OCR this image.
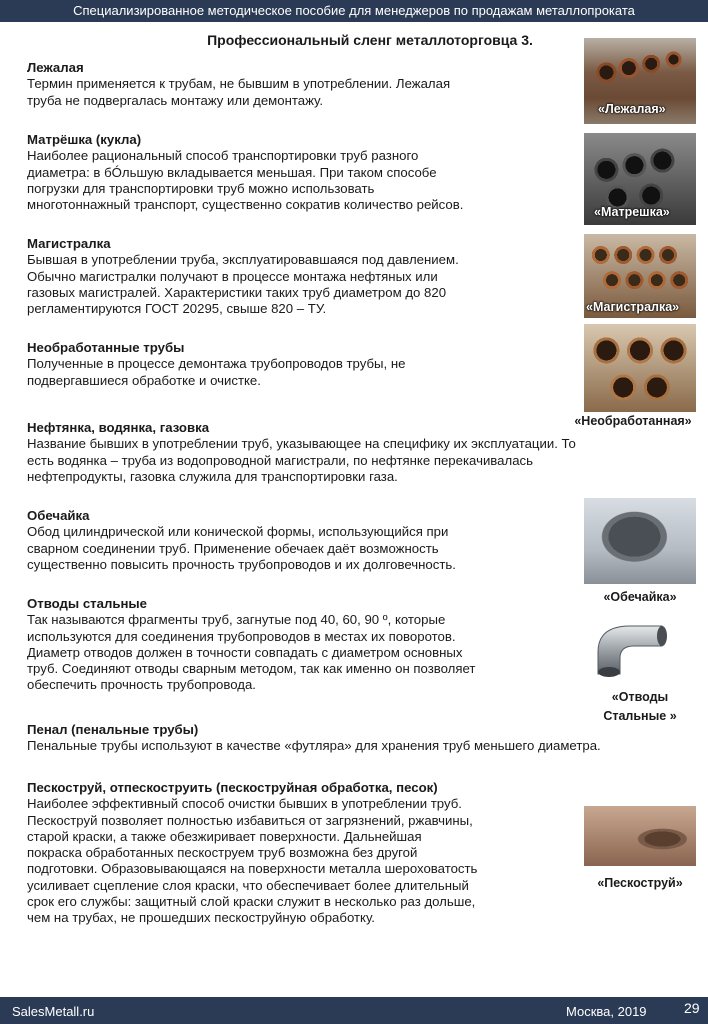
Специализированное методическое пособие для менеджеров по продажам металлопроката
Профессиональный сленг металлоторговца 3.
Лежалая

Термин применяется к трубам, не бывшим в употреблении. Лежалая

труба не подвергалась монтажу или демонтажу.

Матрёшка (кукла)

Наиболее рациональный способ транспортировки труб разного

диаметра: в бÓльшую вкладывается меньшая. При таком способе

погрузки для транспортировки труб можно использовать

многотоннажный транспорт, существенно сократив количество рейсов.

Магистралка

Бывшая в употреблении труба, эксплуатировавшаяся под давлением.

Обычно магистралки получают в процессе монтажа нефтяных или

газовых магистралей. Характеристики таких труб диаметром до 820

регламентируются ГОСТ 20295, свыше 820 – ТУ.

Необработанные трубы

Полученные в процессе демонтажа трубопроводов трубы, не

подвергавшиеся обработке и очистке.

Нефтянка, водянка, газовка

Название бывших в употреблении труб, указывающее на специфику их эксплуатации. То

есть водянка – труба из водопроводной магистрали, по нефтянке перекачивалась

нефтепродукты, газовка служила для транспортировки газа.

Обечайка

Обод цилиндрической или конической формы, использующийся при

сварном соединении труб. Применение обечаек даёт возможность

существенно повысить прочность трубопроводов и их долговечность.

Отводы стальные

Так называются фрагменты труб, загнутые под 40, 60, 90 º, которые

используются для соединения трубопроводов в местах их поворотов.

Диаметр отводов должен в точности совпадать с диаметром основных

труб. Соединяют отводы сварным методом, так как именно он позволяет

обеспечить прочность трубопровода.

Пенал (пенальные трубы)

Пенальные трубы используют в качестве «футляра» для хранения труб меньшего диаметра.

Пескоструй, отпескоструить (пескоструйная обработка, песок)

Наиболее эффективный способ очистки бывших в употреблении труб.

Пескоструй позволяет полностью избавиться от загрязнений, ржавчины,

старой краски, а также обезжиривает поверхности. Дальнейшая

покраска обработанных пескоструем труб возможна без другой

подготовки. Образовывающаяся на поверхности металла шероховатость

усиливает сцепление слоя краски, что обеспечивает более длительный

срок его службы: защитный слой краски служит в несколько раз дольше,

чем на трубах, не прошедших пескоструйную обработку.

«Лежалая»
«Матрешка»
«Магистралка»
«Необработанная»
«Обечайка»
«Отводы
Стальные »
«Пескоструй»
SalesMetall.ru	Москва, 2019	29
